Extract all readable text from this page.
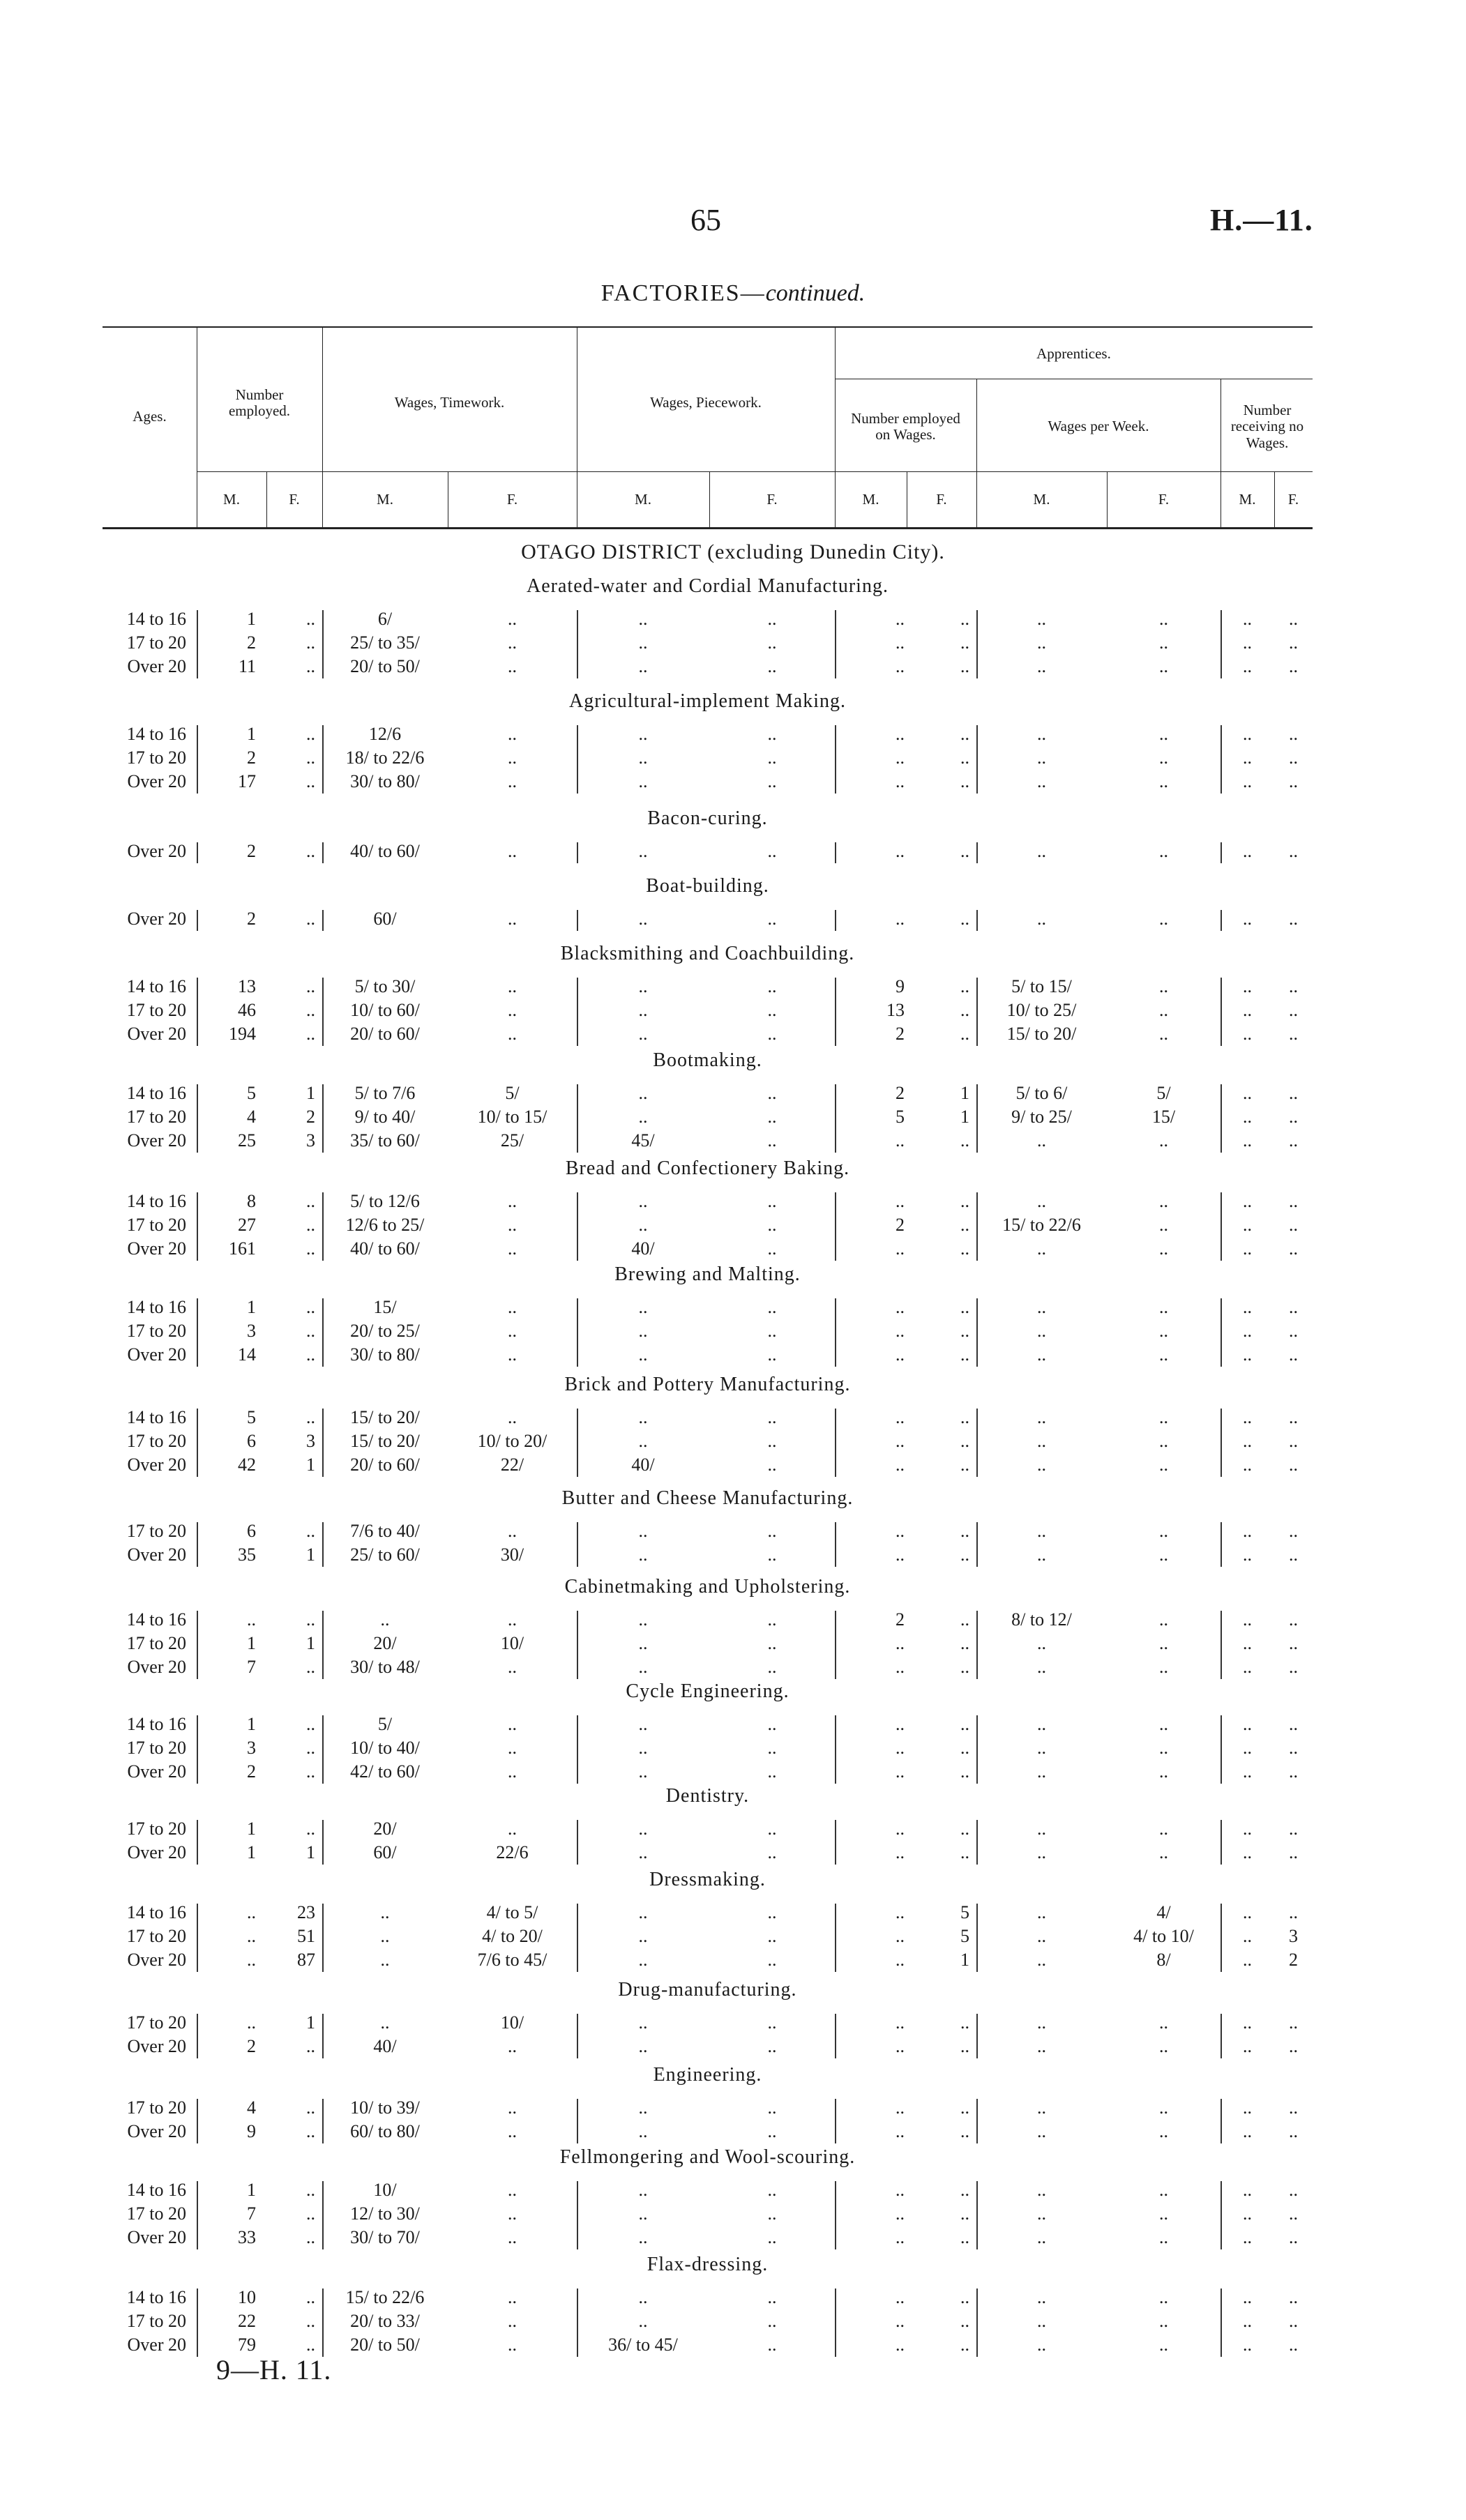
65	H.—11.
FACTORIES—continued.
Ages.
Number employed.	Wages, Timework.	Wages, Piecework.
Apprentices.
Number employed on Wages.	Wages per Week.
Number receiving no Wages.
M.	F.	M.	F.	M.	F.	M.	F.	M.	F.	M.	F.
OTAGO DISTRICT (excluding Dunedin City).
Aerated-water and Cordial Manufacturing.
14 to 16	1	..	6/	..	..	..	..	..	..	..	..	..
17 to 20	2	..	25/ to 35/	..	..	..	..	..	..	..	..	..
Over 20	11	..	20/ to 50/	..	..	..	..	..	..	..	..	..
Agricultural-implement Making.
14 to 16	1	..	12/6	..	..	..	..	..	..	..	..	..
17 to 20	2	..	18/ to 22/6	..	..	..	..	..	..	..	..	..
Over 20	17	..	30/ to 80/	..	..	..	..	..	..	..	..	..
Bacon-curing.
Over 20	2	..	40/ to 60/	..	..	..	..	..	..	..	..	..
Boat-building.
Over 20	2	..	60/	..	..	..	..	..	..	..	..	..
Blacksmithing and Coachbuilding.
14 to 16	13	..	5/ to 30/	..	..	..	9	..	5/ to 15/	..	..	..
17 to 20	46	..	10/ to 60/	..	..	..	13	..	10/ to 25/	..	..	..
Over 20	194	..	20/ to 60/	..	..	..	2	..	15/ to 20/	..	..	..
Bootmaking.
14 to 16	5	1	5/ to 7/6	5/	..	..	2	1	5/ to 6/	5/	..	..
17 to 20	4	2	9/ to 40/	10/ to 15/	..	..	5	1	9/ to 25/	15/	..	..
Over 20	25	3	35/ to 60/	25/	45/	..	..	..	..	..	..	..
Bread and Confectionery Baking.
14 to 16	8	..	5/ to 12/6	..	..	..	..	..	..	..	..	..
17 to 20	27	..	12/6 to 25/	..	..	..	2	..	15/ to 22/6	..	..	..
Over 20	161	..	40/ to 60/	..	40/	..	..	..	..	..	..	..
Brewing and Malting.
14 to 16	1	..	15/	..	..	..	..	..	..	..	..	..
17 to 20	3	..	20/ to 25/	..	..	..	..	..	..	..	..	..
Over 20	14	..	30/ to 80/	..	..	..	..	..	..	..	..	..
Brick and Pottery Manufacturing.
14 to 16	5	..	15/ to 20/	..	..	..	..	..	..	..	..	..
17 to 20	6	3	15/ to 20/	10/ to 20/	..	..	..	..	..	..	..	..
Over 20	42	1	20/ to 60/	22/	40/	..	..	..	..	..	..	..
Butter and Cheese Manufacturing.
17 to 20	6	..	7/6 to 40/	..	..	..	..	..	..	..	..	..
Over 20	35	1	25/ to 60/	30/	..	..	..	..	..	..	..	..
Cabinetmaking and Upholstering.
14 to 16	..	..	..	..	..	..	2	..	8/ to 12/	..	..	..
17 to 20	1	1	20/	10/	..	..	..	..	..	..	..	..
Over 20	7	..	30/ to 48/	..	..	..	..	..	..	..	..	..
Cycle Engineering.
14 to 16	1	..	5/	..	..	..	..	..	..	..	..	..
17 to 20	3	..	10/ to 40/	..	..	..	..	..	..	..	..	..
Over 20	2	..	42/ to 60/	..	..	..	..	..	..	..	..	..
Dentistry.
17 to 20	1	..	20/	..	..	..	..	..	..	..	..	..
Over 20	1	1	60/	22/6	..	..	..	..	..	..	..	..
Dressmaking.
14 to 16	..	23	..	4/ to 5/	..	..	..	5	..	4/	..	..
17 to 20	..	51	..	4/ to 20/	..	..	..	5	..	4/ to 10/	..	3
Over 20	..	87	..	7/6 to 45/	..	..	..	1	..	8/	..	2
Drug-manufacturing.
17 to 20	..	1	..	10/	..	..	..	..	..	..	..	..
Over 20	2	..	40/	..	..	..	..	..	..	..	..	..
Engineering.
17 to 20	4	..	10/ to 39/	..	..	..	..	..	..	..	..	..
Over 20	9	..	60/ to 80/	..	..	..	..	..	..	..	..	..
Fellmongering and Wool-scouring.
14 to 16	1	..	10/	..	..	..	..	..	..	..	..	..
17 to 20	7	..	12/ to 30/	..	..	..	..	..	..	..	..	..
Over 20	33	..	30/ to 70/	..	..	..	..	..	..	..	..	..
Flax-dressing.
14 to 16	10	..	15/ to 22/6	..	..	..	..	..	..	..	..	..
17 to 20	22	..	20/ to 33/	..	..	..	..	..	..	..	..	..
Over 20	79	..	20/ to 50/	..	36/ to 45/	..	..	..	..	..	..	..
9—H. 11.
